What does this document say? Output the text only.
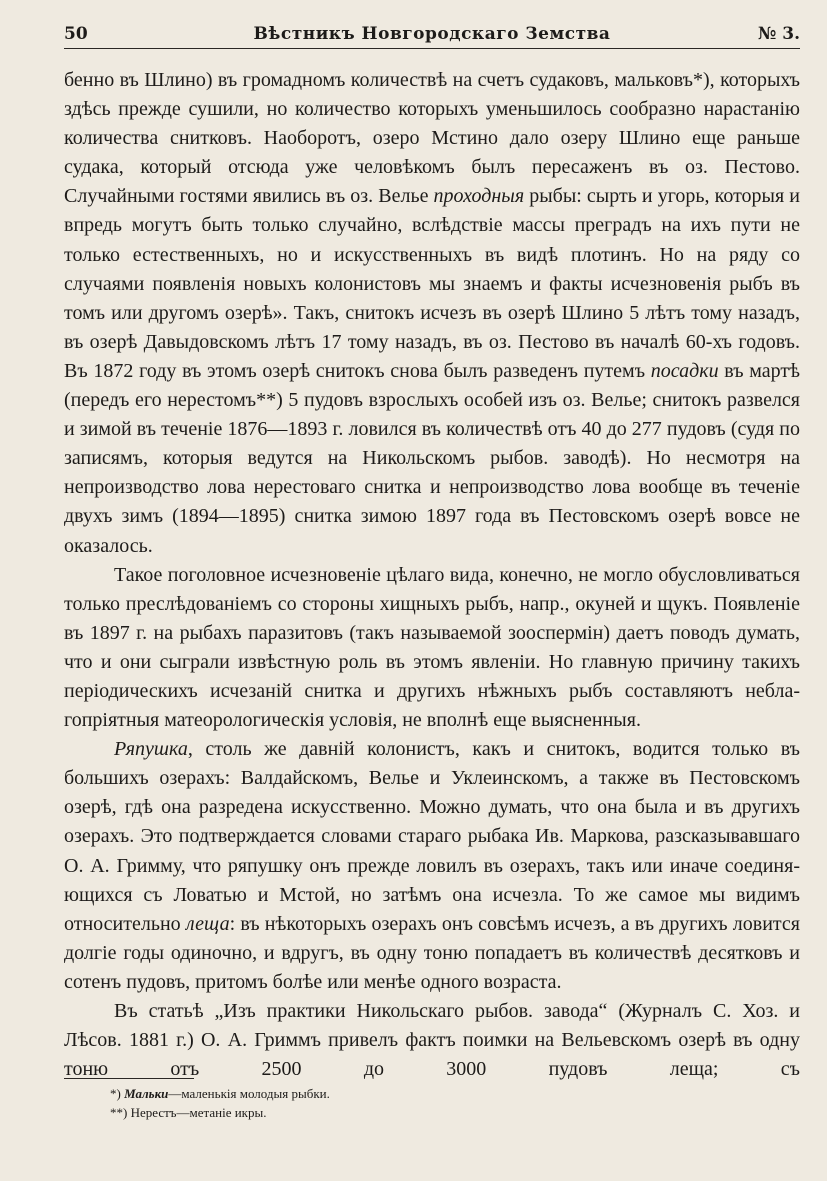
50	Вѣстникъ Новгородскаго Земства	№ 3.

бенно въ Шлино) въ громадномъ количествѣ на счетъ судаковъ, мальковъ*), которыхъ здѣсь прежде сушили, но количество которыхъ уменьшилось сообразно нарастанію количества снитковъ. Наоборотъ, озеро Мстино дало озеру Шлино еще раньше судака, который отсюда уже человѣкомъ былъ пересаженъ въ оз. Пестово. Случайными гостями явились въ оз. Велье проходныя рыбы: сырть и угорь, которыя и впредь могутъ быть только случайно, вслѣдствіе массы преградъ на ихъ пути не только естественныхъ, но и искусственныхъ въ видѣ плотинъ. Но на ряду со случаями появленія новыхъ колонистовъ мы знаемъ и факты исчезновенія рыбъ въ томъ или другомъ озерѣ». Такъ, снитокъ исчезъ въ озерѣ Шлино 5 лѣтъ тому назадъ, въ озерѣ Давыдовскомъ лѣтъ 17 тому назадъ, въ оз. Пестово въ началѣ 60-хъ годовъ. Въ 1872 году въ этомъ озерѣ снитокъ снова былъ разведенъ путемъ посадки въ мартѣ (передъ его нерестомъ**) 5 пудовъ взрослыхъ особей изъ оз. Велье; снитокъ развелся и зимой въ теченіе 1876—1893 г. ловился въ количествѣ отъ 40 до 277 пудовъ (судя по записямъ, которыя ведутся на Никольскомъ рыбов. заводѣ). Но несмотря на непроизводство лова нерестоваго снитка и непроизводство лова вообще въ теченіе двухъ зимъ (1894—1895) снитка зимою 1897 года въ Пестовскомъ озерѣ вовсе не оказалось.

Такое поголовное исчезновеніе цѣлаго вида, конечно, не могло обусловливаться только преслѣдованіемъ со стороны хищныхъ рыбъ, напр., окуней и щукъ. Появленіе въ 1897 г. на рыбахъ паразитовъ (такъ называемой зооспермін) даетъ поводъ думать, что и они сыграли извѣстную роль въ этомъ явленіи. Но главную причину такихъ періодическихъ исчезаній снитка и другихъ нѣжныхъ рыбъ составляютъ неблагопріятныя матеорологическія условія, не вполнѣ еще выясненныя.

Ряпушка, столь же давній колонистъ, какъ и снитокъ, водится только въ большихъ озерахъ: Валдайскомъ, Велье и Уклеинскомъ, а также въ Пестовскомъ озерѣ, гдѣ она разредена искусственно. Можно думать, что она была и въ другихъ озерахъ. Это подтверждается словами стараго рыбака Ив. Маркова, разсказывавшаго О. А. Гримму, что ряпушку онъ прежде ловилъ въ озерахъ, такъ или иначе соединяющихся съ Ловатью и Мстой, но затѣмъ она исчезла. То же самое мы видимъ относительно леща: въ нѣкоторыхъ озерахъ онъ совсѣмъ исчезъ, а въ другихъ ловится долгіе годы одиночно, и вдругъ, въ одну тоню попадаетъ въ количествѣ десятковъ и сотенъ пудовъ, притомъ болѣе или менѣе одного возраста.

Въ статьѣ „Изъ практики Никольскаго рыбов. завода“ (Журналъ С. Хоз. и Лѣсов. 1881 г.) О. А. Гриммъ привелъ фактъ поимки на Вельевскомъ озерѣ въ одну тоню отъ 2500 до 3000 пудовъ леща; съ

*) Мальки—маленькія молодыя рыбки.
**) Нерестъ—метаніе икры.
